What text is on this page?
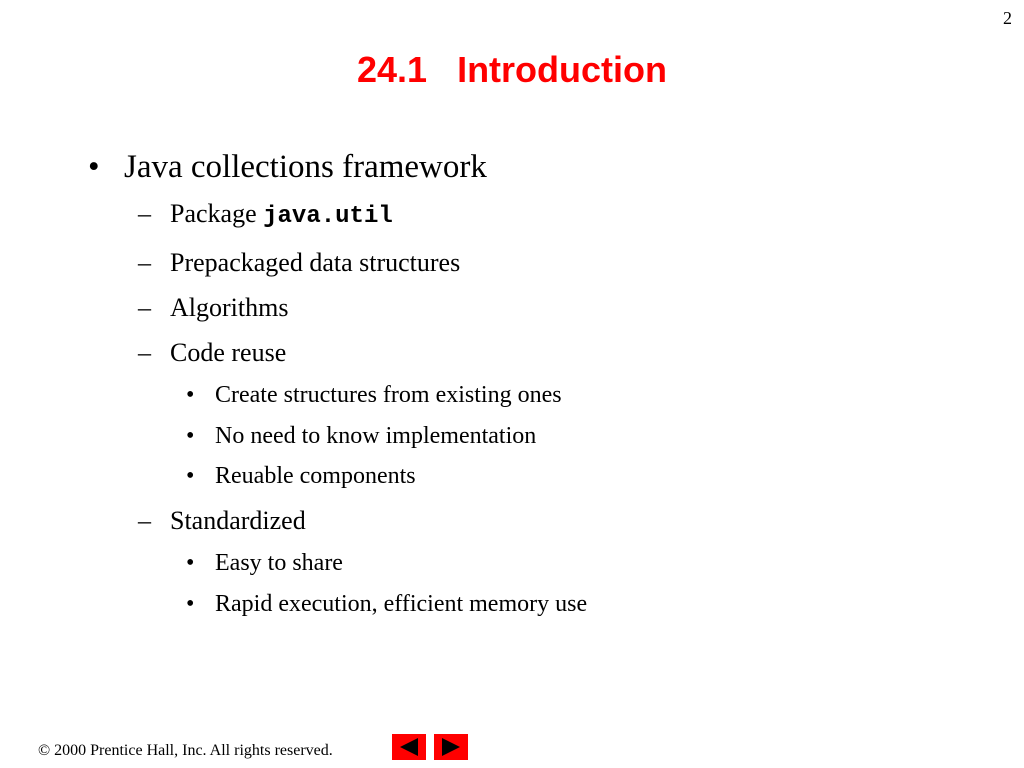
2
24.1 Introduction
• Java collections framework
– Package java.util
– Prepackaged data structures
– Algorithms
– Code reuse
• Create structures from existing ones
• No need to know implementation
• Reuable components
– Standardized
• Easy to share
• Rapid execution, efficient memory use
© 2000 Prentice Hall, Inc. All rights reserved.
